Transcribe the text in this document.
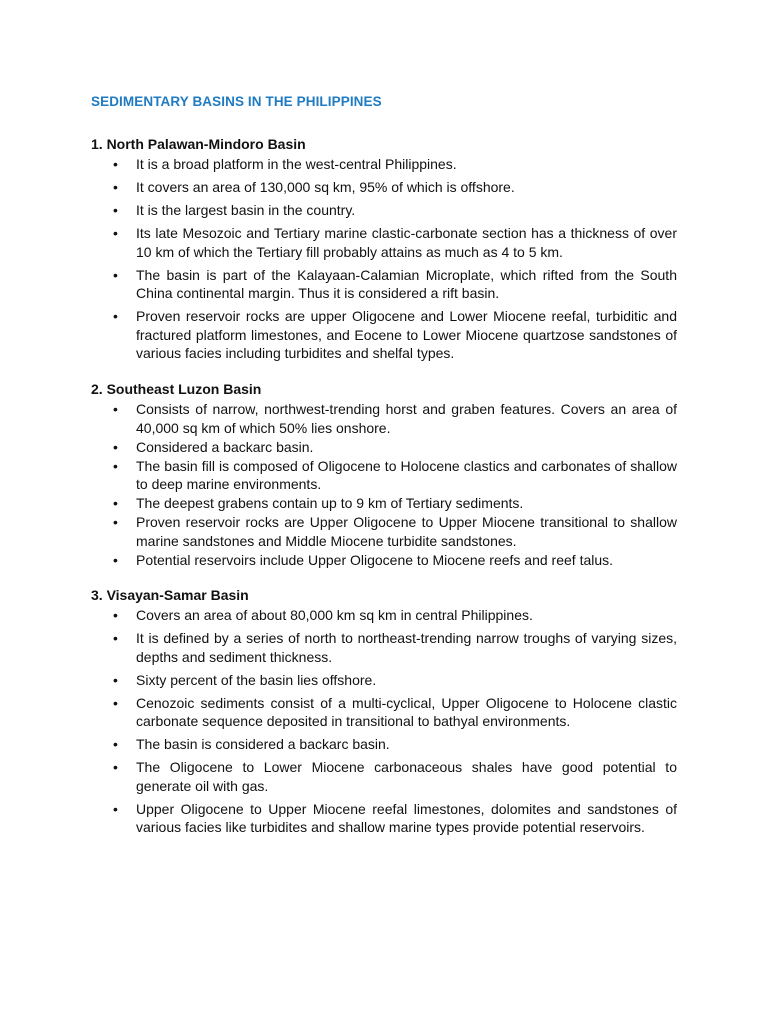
SEDIMENTARY BASINS IN THE PHILIPPINES
1. North Palawan-Mindoro Basin
• It is a broad platform in the west-central Philippines.
• It covers an area of 130,000 sq km, 95% of which is offshore.
• It is the largest basin in the country.
• Its late Mesozoic and Tertiary marine clastic-carbonate section has a thickness of over 10 km of which the Tertiary fill probably attains as much as 4 to 5 km.
• The basin is part of the Kalayaan-Calamian Microplate, which rifted from the South China continental margin. Thus it is considered a rift basin.
• Proven reservoir rocks are upper Oligocene and Lower Miocene reefal, turbiditic and fractured platform limestones, and Eocene to Lower Miocene quartzose sandstones of various facies including turbidites and shelfal types.
2. Southeast Luzon Basin
• Consists of narrow, northwest-trending horst and graben features. Covers an area of 40,000 sq km of which 50% lies onshore.
• Considered a backarc basin.
• The basin fill is composed of Oligocene to Holocene clastics and carbonates of shallow to deep marine environments.
• The deepest grabens contain up to 9 km of Tertiary sediments.
• Proven reservoir rocks are Upper Oligocene to Upper Miocene transitional to shallow marine sandstones and Middle Miocene turbidite sandstones.
• Potential reservoirs include Upper Oligocene to Miocene reefs and reef talus.
3. Visayan-Samar Basin
• Covers an area of about 80,000 km sq km in central Philippines.
• It is defined by a series of north to northeast-trending narrow troughs of varying sizes, depths and sediment thickness.
• Sixty percent of the basin lies offshore.
• Cenozoic sediments consist of a multi-cyclical, Upper Oligocene to Holocene clastic carbonate sequence deposited in transitional to bathyal environments.
• The basin is considered a backarc basin.
• The Oligocene to Lower Miocene carbonaceous shales have good potential to generate oil with gas.
• Upper Oligocene to Upper Miocene reefal limestones, dolomites and sandstones of various facies like turbidites and shallow marine types provide potential reservoirs.
